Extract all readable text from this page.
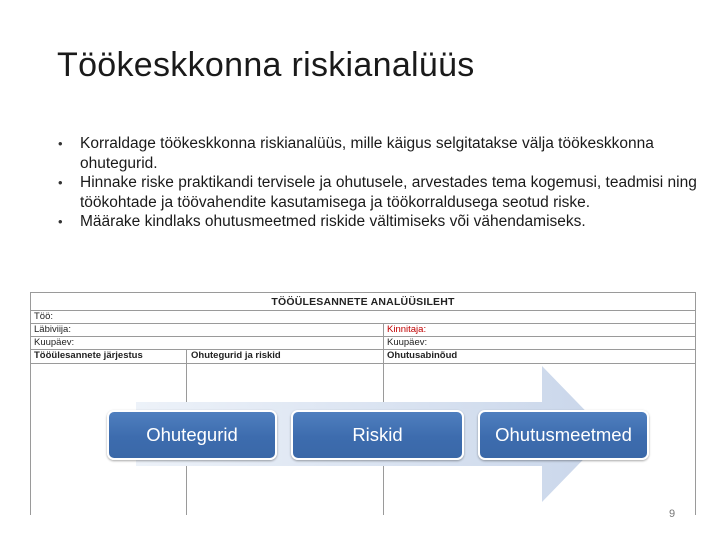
Töökeskkonna riskianalüüs
• Korraldage töökeskkonna riskianalüüs, mille käigus selgitatakse välja töökeskkonna ohutegurid.
• Hinnake riske praktikandi tervisele ja ohutusele, arvestades tema kogemusi, teadmisi ning töökohtade ja töövahendite kasutamisega ja töökorraldusega seotud riske.
• Määrake kindlaks ohutusmeetmed riskide vältimiseks või vähendamiseks.
TÖÖÜLESANNETE ANALÜÜSILEHT
Töö:
Läbiviija:	Kinnitaja:
Kuupäev:	Kuupäev:
Tööülesannete järjestus	Ohutegurid ja riskid	Ohutusabinõud
Ohutegurid	Riskid	Ohutusmeetmed
9
